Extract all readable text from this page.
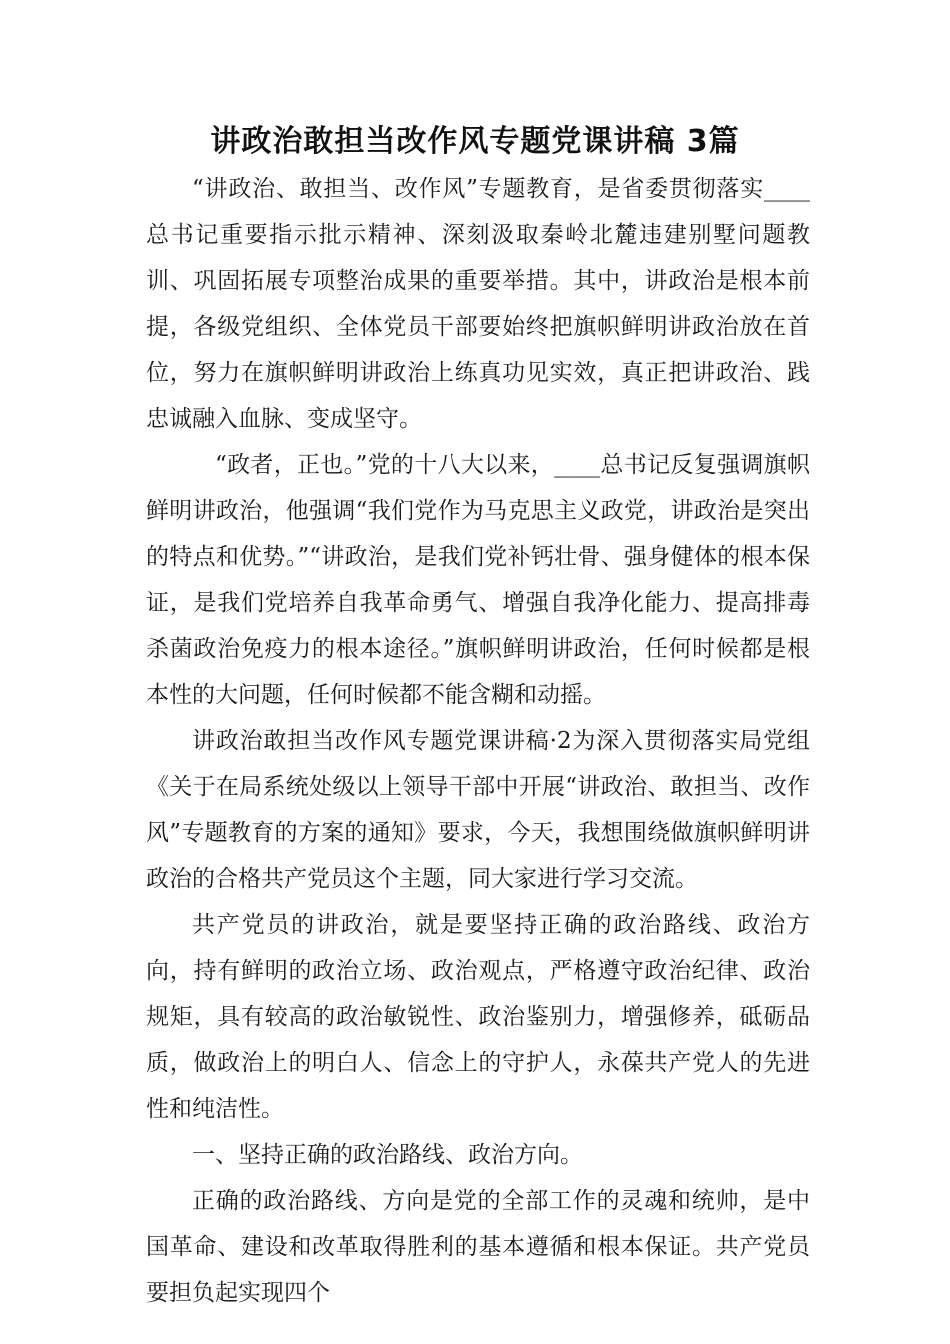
讲政治敢担当改作风专题党课讲稿 3篇

“讲政治、敢担当、改作风”专题教育，是省委贯彻落实____总书记重要指示批示精神、深刻汲取秦岭北麓违建别墅问题教训、巩固拓展专项整治成果的重要举措。其中，讲政治是根本前提，各级党组织、全体党员干部要始终把旗帜鲜明讲政治放在首位，努力在旗帜鲜明讲政治上练真功见实效，真正把讲政治、践忠诚融入血脉、变成坚守。

“政者，正也。”党的十八大以来，____总书记反复强调旗帜鲜明讲政治，他强调“我们党作为马克思主义政党，讲政治是突出的特点和优势。”“讲政治，是我们党补钙壮骨、强身健体的根本保证，是我们党培养自我革命勇气、增强自我净化能力、提高排毒杀菌政治免疫力的根本途径。”旗帜鲜明讲政治，任何时候都是根本性的大问题，任何时候都不能含糊和动摇。

讲政治敢担当改作风专题党课讲稿·2为深入贯彻落实局党组《关于在局系统处级以上领导干部中开展“讲政治、敢担当、改作风”专题教育的方案的通知》要求，今天，我想围绕做旗帜鲜明讲政治的合格共产党员这个主题，同大家进行学习交流。

共产党员的讲政治，就是要坚持正确的政治路线、政治方向，持有鲜明的政治立场、政治观点，严格遵守政治纪律、政治规矩，具有较高的政治敏锐性、政治鉴别力，增强修养，砥砺品质，做政治上的明白人、信念上的守护人，永葆共产党人的先进性和纯洁性。

一、坚持正确的政治路线、政治方向。

正确的政治路线、方向是党的全部工作的灵魂和统帅，是中国革命、建设和改革取得胜利的基本遵循和根本保证。共产党员要担负起实现四个
